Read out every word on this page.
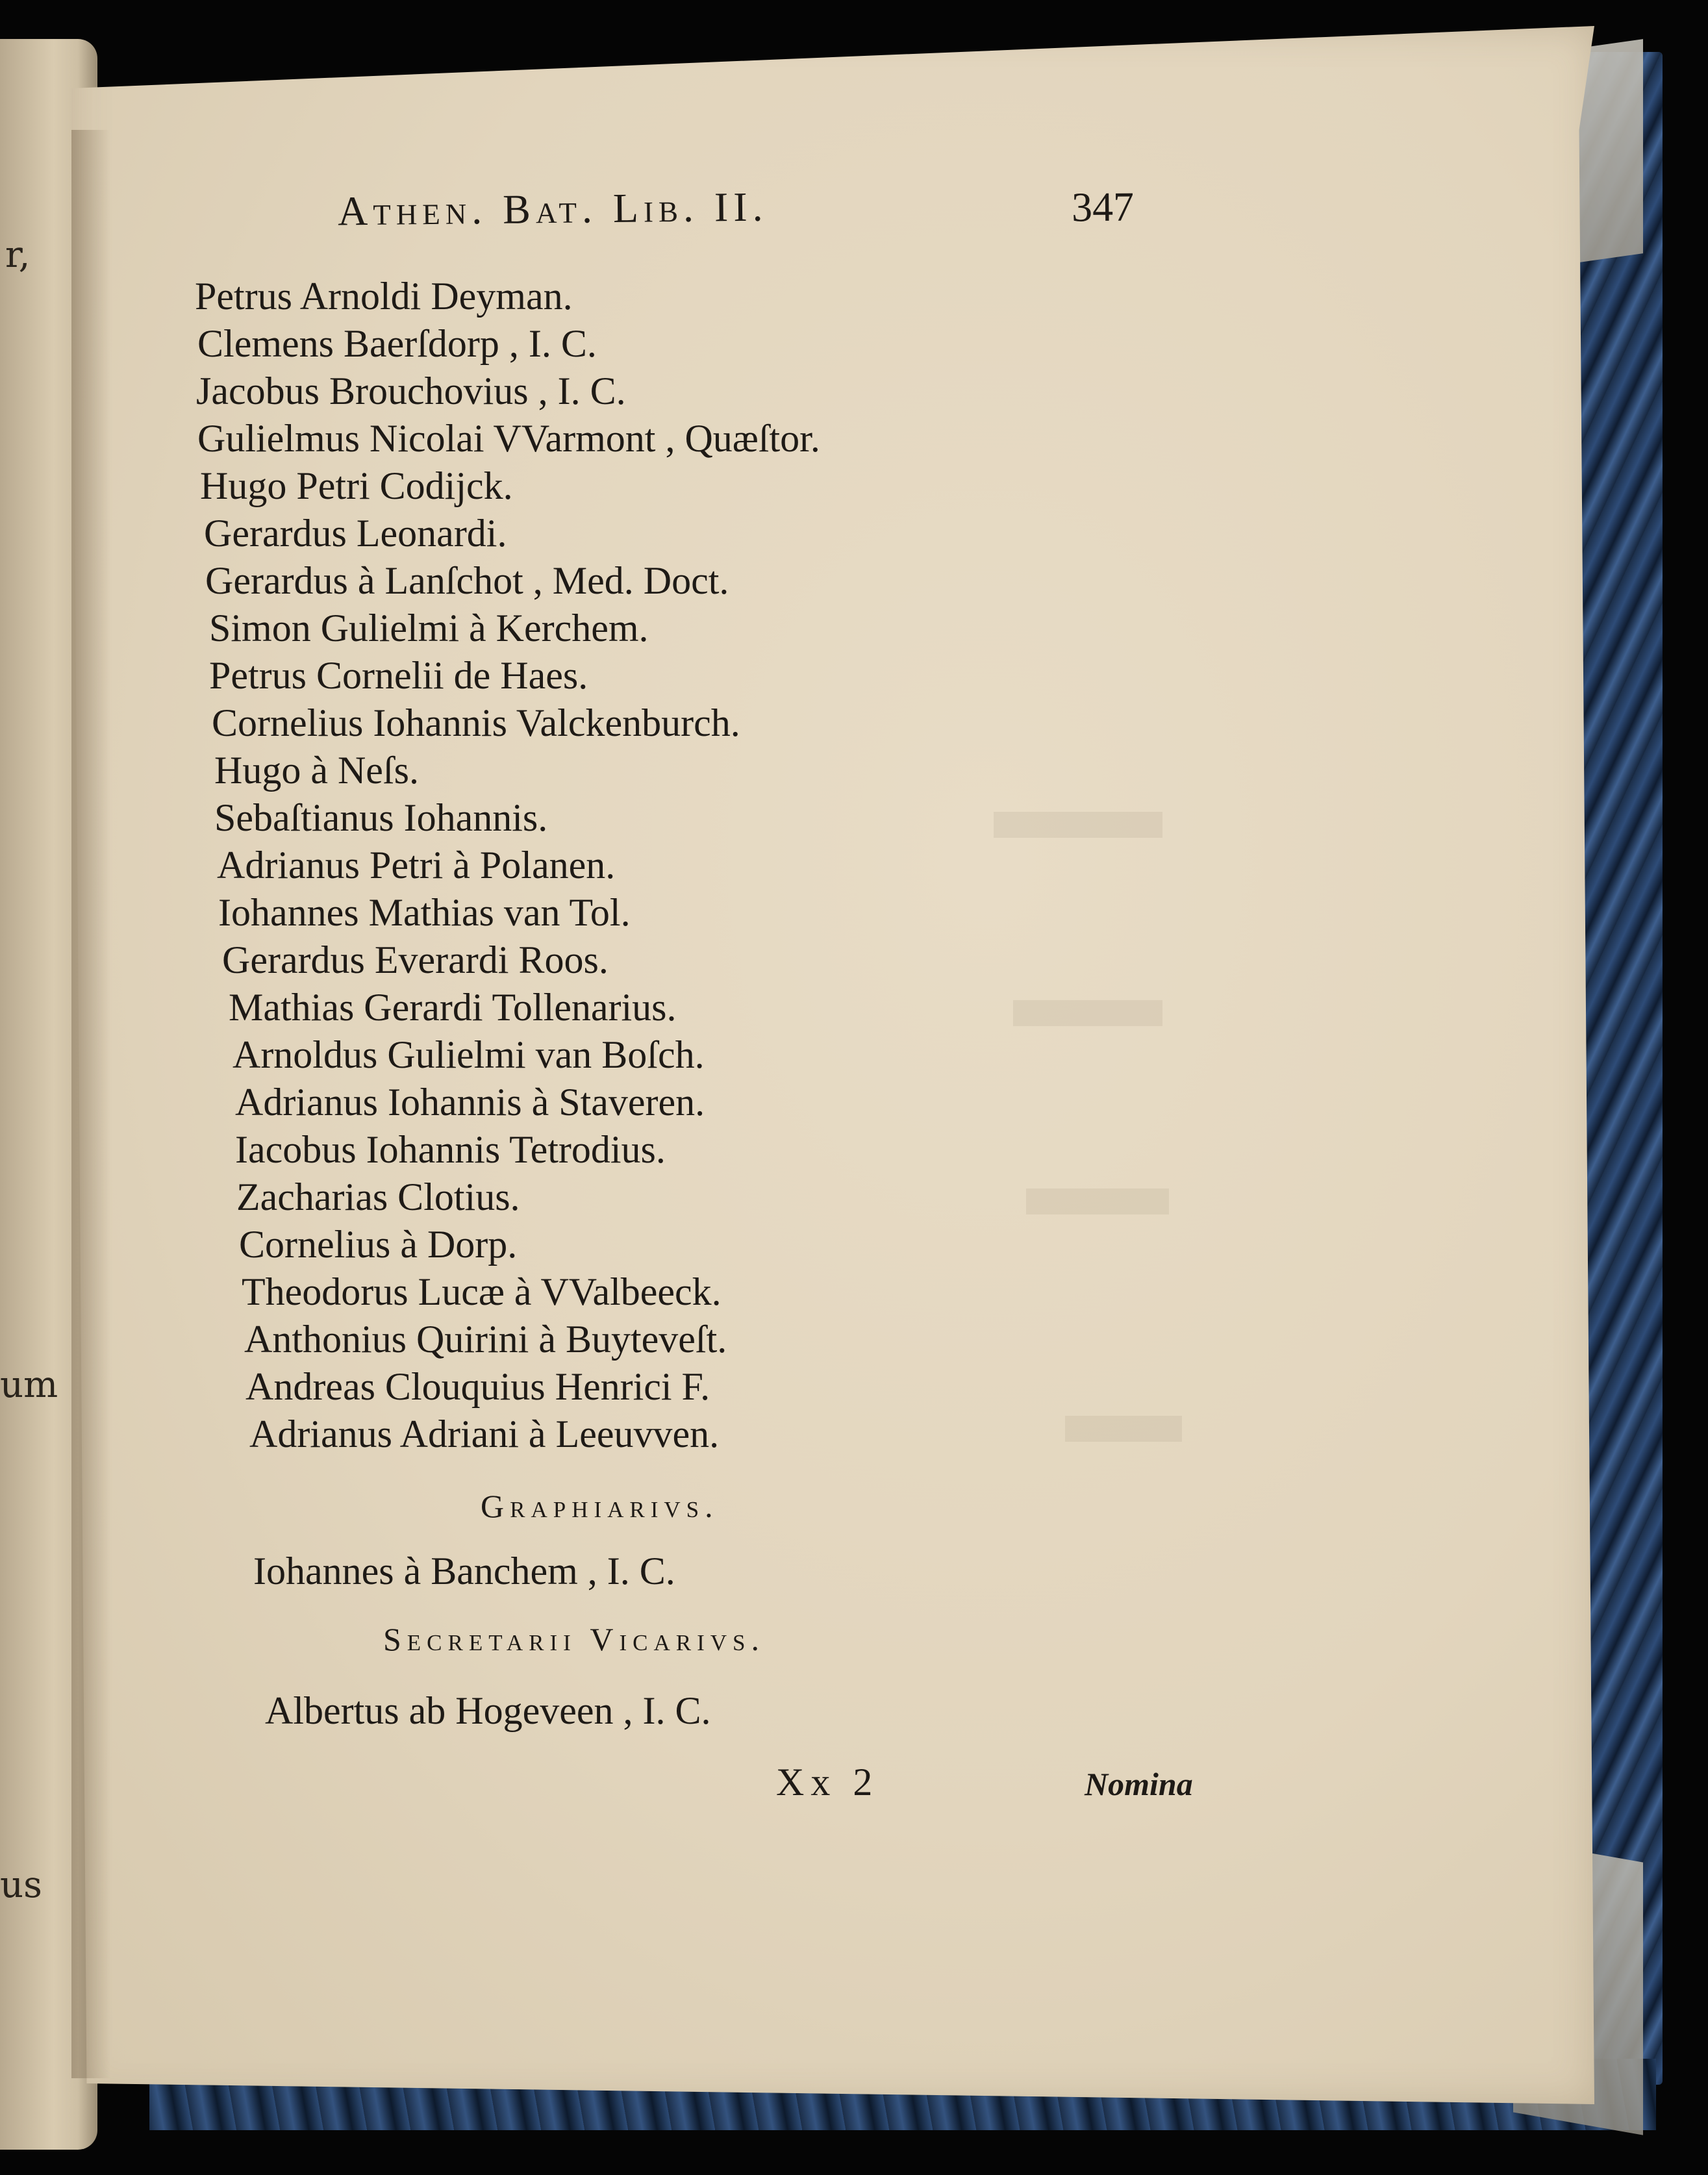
r,
um
us
Athen. Bat. Lib. II.	347
Petrus Arnoldi Deyman.
Clemens Baerſdorp , I. C.
Jacobus Brouchovius , I. C.
Gulielmus Nicolai VVarmont , Quæſtor.
Hugo Petri Codijck.
Gerardus Leonardi.
Gerardus à Lanſchot , Med. Doct.
Simon Gulielmi à Kerchem.
Petrus Cornelii de Haes.
Cornelius Iohannis Valckenburch.
Hugo à Neſs.
Sebaſtianus Iohannis.
Adrianus Petri à Polanen.
Iohannes Mathias van Tol.
Gerardus Everardi Roos.
Mathias Gerardi Tollenarius.
Arnoldus Gulielmi van Boſch.
Adrianus Iohannis à Staveren.
Iacobus Iohannis Tetrodius.
Zacharias Clotius.
Cornelius à Dorp.
Theodorus Lucæ à VValbeeck.
Anthonius Quirini à Buyteveſt.
Andreas Clouquius Henrici F.
Adrianus Adriani à Leeuvven.
Graphiarivs.
Iohannes à Banchem , I. C.
Secretarii Vicarivs.
Albertus ab Hogeveen , I. C.
Xx 2	Nomina
